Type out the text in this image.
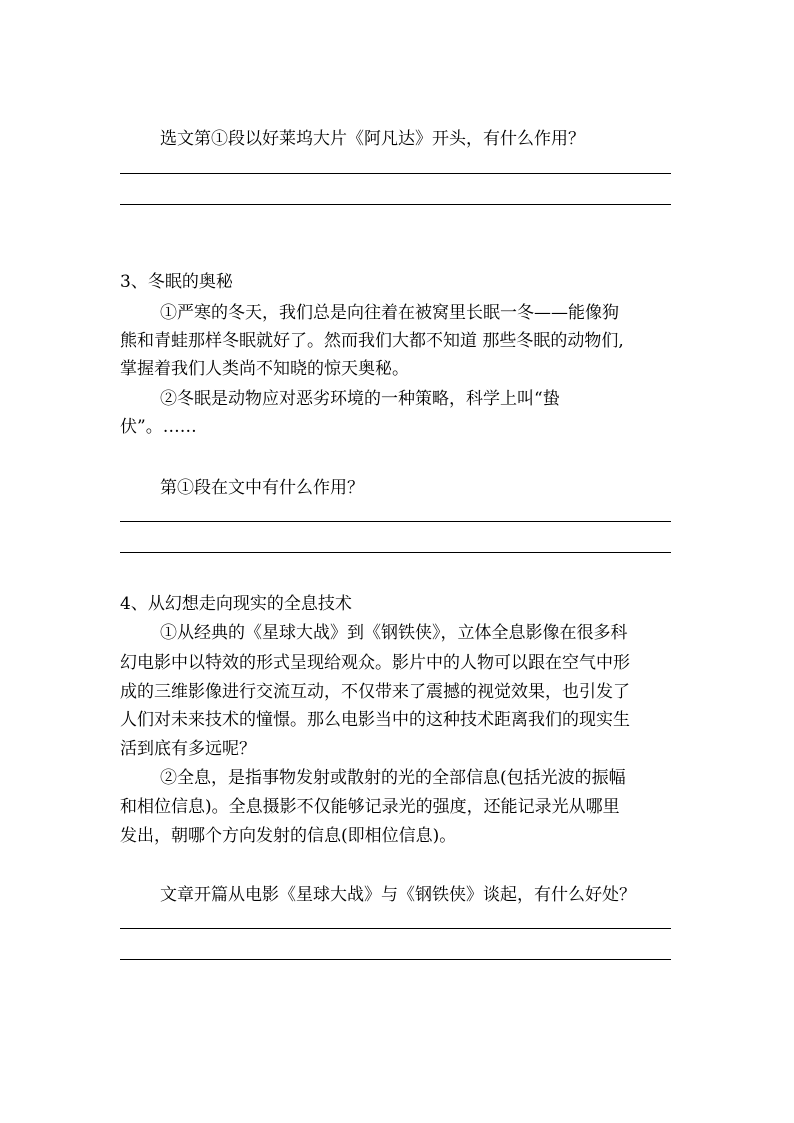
选文第①段以好莱坞大片《阿凡达》开头，有什么作用？
3、冬眠的奥秘
①严寒的冬天，我们总是向往着在被窝里长眠一冬——能像狗
熊和青蛙那样冬眠就好了。然而我们大都不知道 那些冬眠的动物们,
掌握着我们人类尚不知晓的惊天奥秘。
②冬眠是动物应对恶劣环境的一种策略，科学上叫“蛰
伏”。……
第①段在文中有什么作用？
4、从幻想走向现实的全息技术
①从经典的《星球大战》到《钢铁侠》，立体全息影像在很多科
幻电影中以特效的形式呈现给观众。影片中的人物可以跟在空气中形
成的三维影像进行交流互动，不仅带来了震撼的视觉效果，也引发了
人们对未来技术的憧憬。那么电影当中的这种技术距离我们的现实生
活到底有多远呢？
②全息，是指事物发射或散射的光的全部信息(包括光波的振幅
和相位信息)。全息摄影不仅能够记录光的强度，还能记录光从哪里
发出，朝哪个方向发射的信息(即相位信息)。
文章开篇从电影《星球大战》与《钢铁侠》谈起，有什么好处？
